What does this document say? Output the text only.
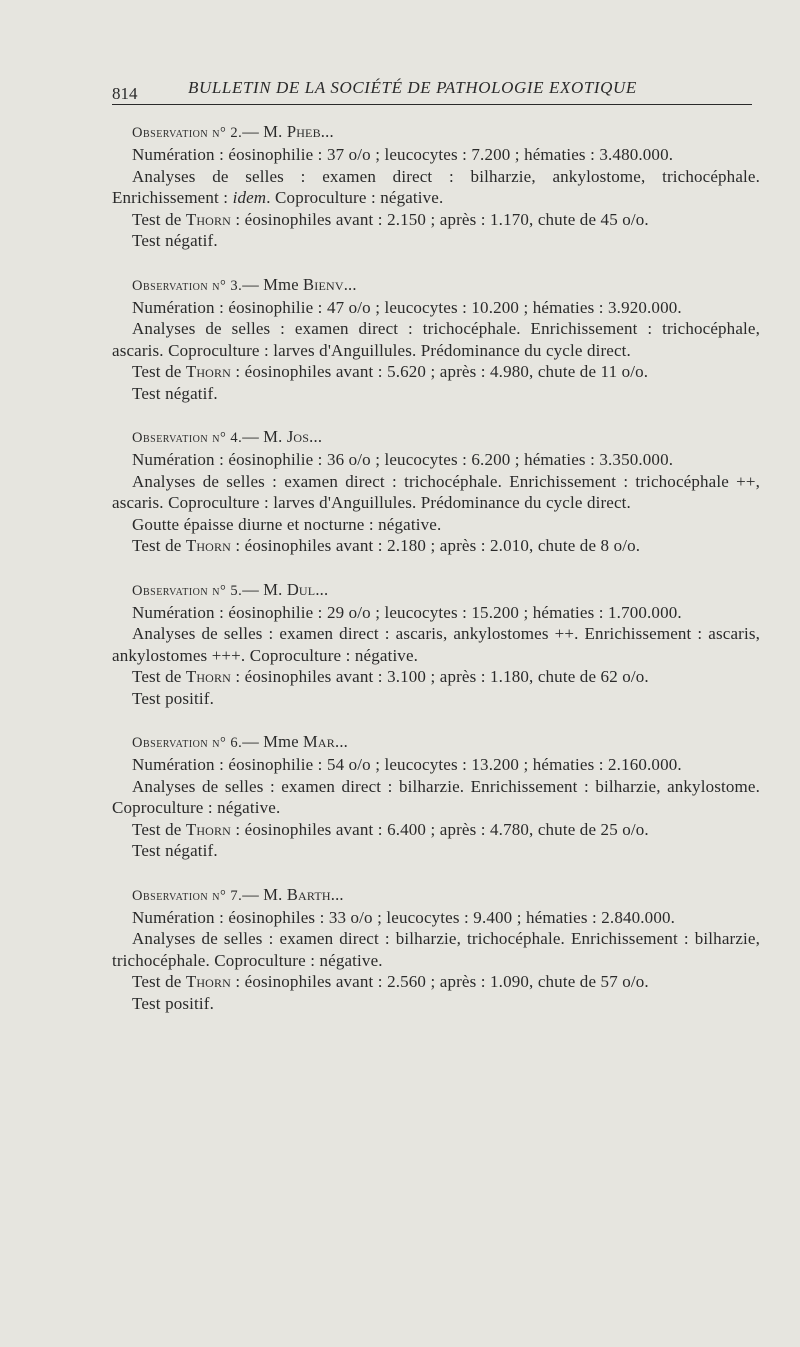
814	BULLETIN DE LA SOCIÉTÉ DE PATHOLOGIE EXOTIQUE
Observation n° 2.— M. Pheb...
Numération : éosinophilie : 37 o/o ; leucocytes : 7.200 ; hématies : 3.480.000.
Analyses de selles : examen direct : bilharzie, ankylostome, trichocéphale. Enrichissement : idem. Coproculture : négative.
Test de Thorn : éosinophiles avant : 2.150 ; après : 1.170, chute de 45 o/o.
Test négatif.
Observation n° 3.— Mme Bienv...
Numération : éosinophilie : 47 o/o ; leucocytes : 10.200 ; hématies : 3.920.000.
Analyses de selles : examen direct : trichocéphale. Enrichissement : trichocéphale, ascaris. Coproculture : larves d'Anguillules. Prédominance du cycle direct.
Test de Thorn : éosinophiles avant : 5.620 ; après : 4.980, chute de 11 o/o.
Test négatif.
Observation n° 4.— M. Jos...
Numération : éosinophilie : 36 o/o ; leucocytes : 6.200 ; hématies : 3.350.000.
Analyses de selles : examen direct : trichocéphale. Enrichissement : trichocéphale ++, ascaris. Coproculture : larves d'Anguillules. Prédominance du cycle direct.
Goutte épaisse diurne et nocturne : négative.
Test de Thorn : éosinophiles avant : 2.180 ; après : 2.010, chute de 8 o/o.
Observation n° 5.— M. Dul...
Numération : éosinophilie : 29 o/o ; leucocytes : 15.200 ; hématies : 1.700.000.
Analyses de selles : examen direct : ascaris, ankylostomes ++. Enrichissement : ascaris, ankylostomes +++. Coproculture : négative.
Test de Thorn : éosinophiles avant : 3.100 ; après : 1.180, chute de 62 o/o.
Test positif.
Observation n° 6.— Mme Mar...
Numération : éosinophilie : 54 o/o ; leucocytes : 13.200 ; hématies : 2.160.000.
Analyses de selles : examen direct : bilharzie. Enrichissement : bilharzie, ankylostome. Coproculture : négative.
Test de Thorn : éosinophiles avant : 6.400 ; après : 4.780, chute de 25 o/o.
Test négatif.
Observation n° 7.— M. Barth...
Numération : éosinophiles : 33 o/o ; leucocytes : 9.400 ; hématies : 2.840.000.
Analyses de selles : examen direct : bilharzie, trichocéphale. Enrichissement : bilharzie, trichocéphale. Coproculture : négative.
Test de Thorn : éosinophiles avant : 2.560 ; après : 1.090, chute de 57 o/o.
Test positif.
